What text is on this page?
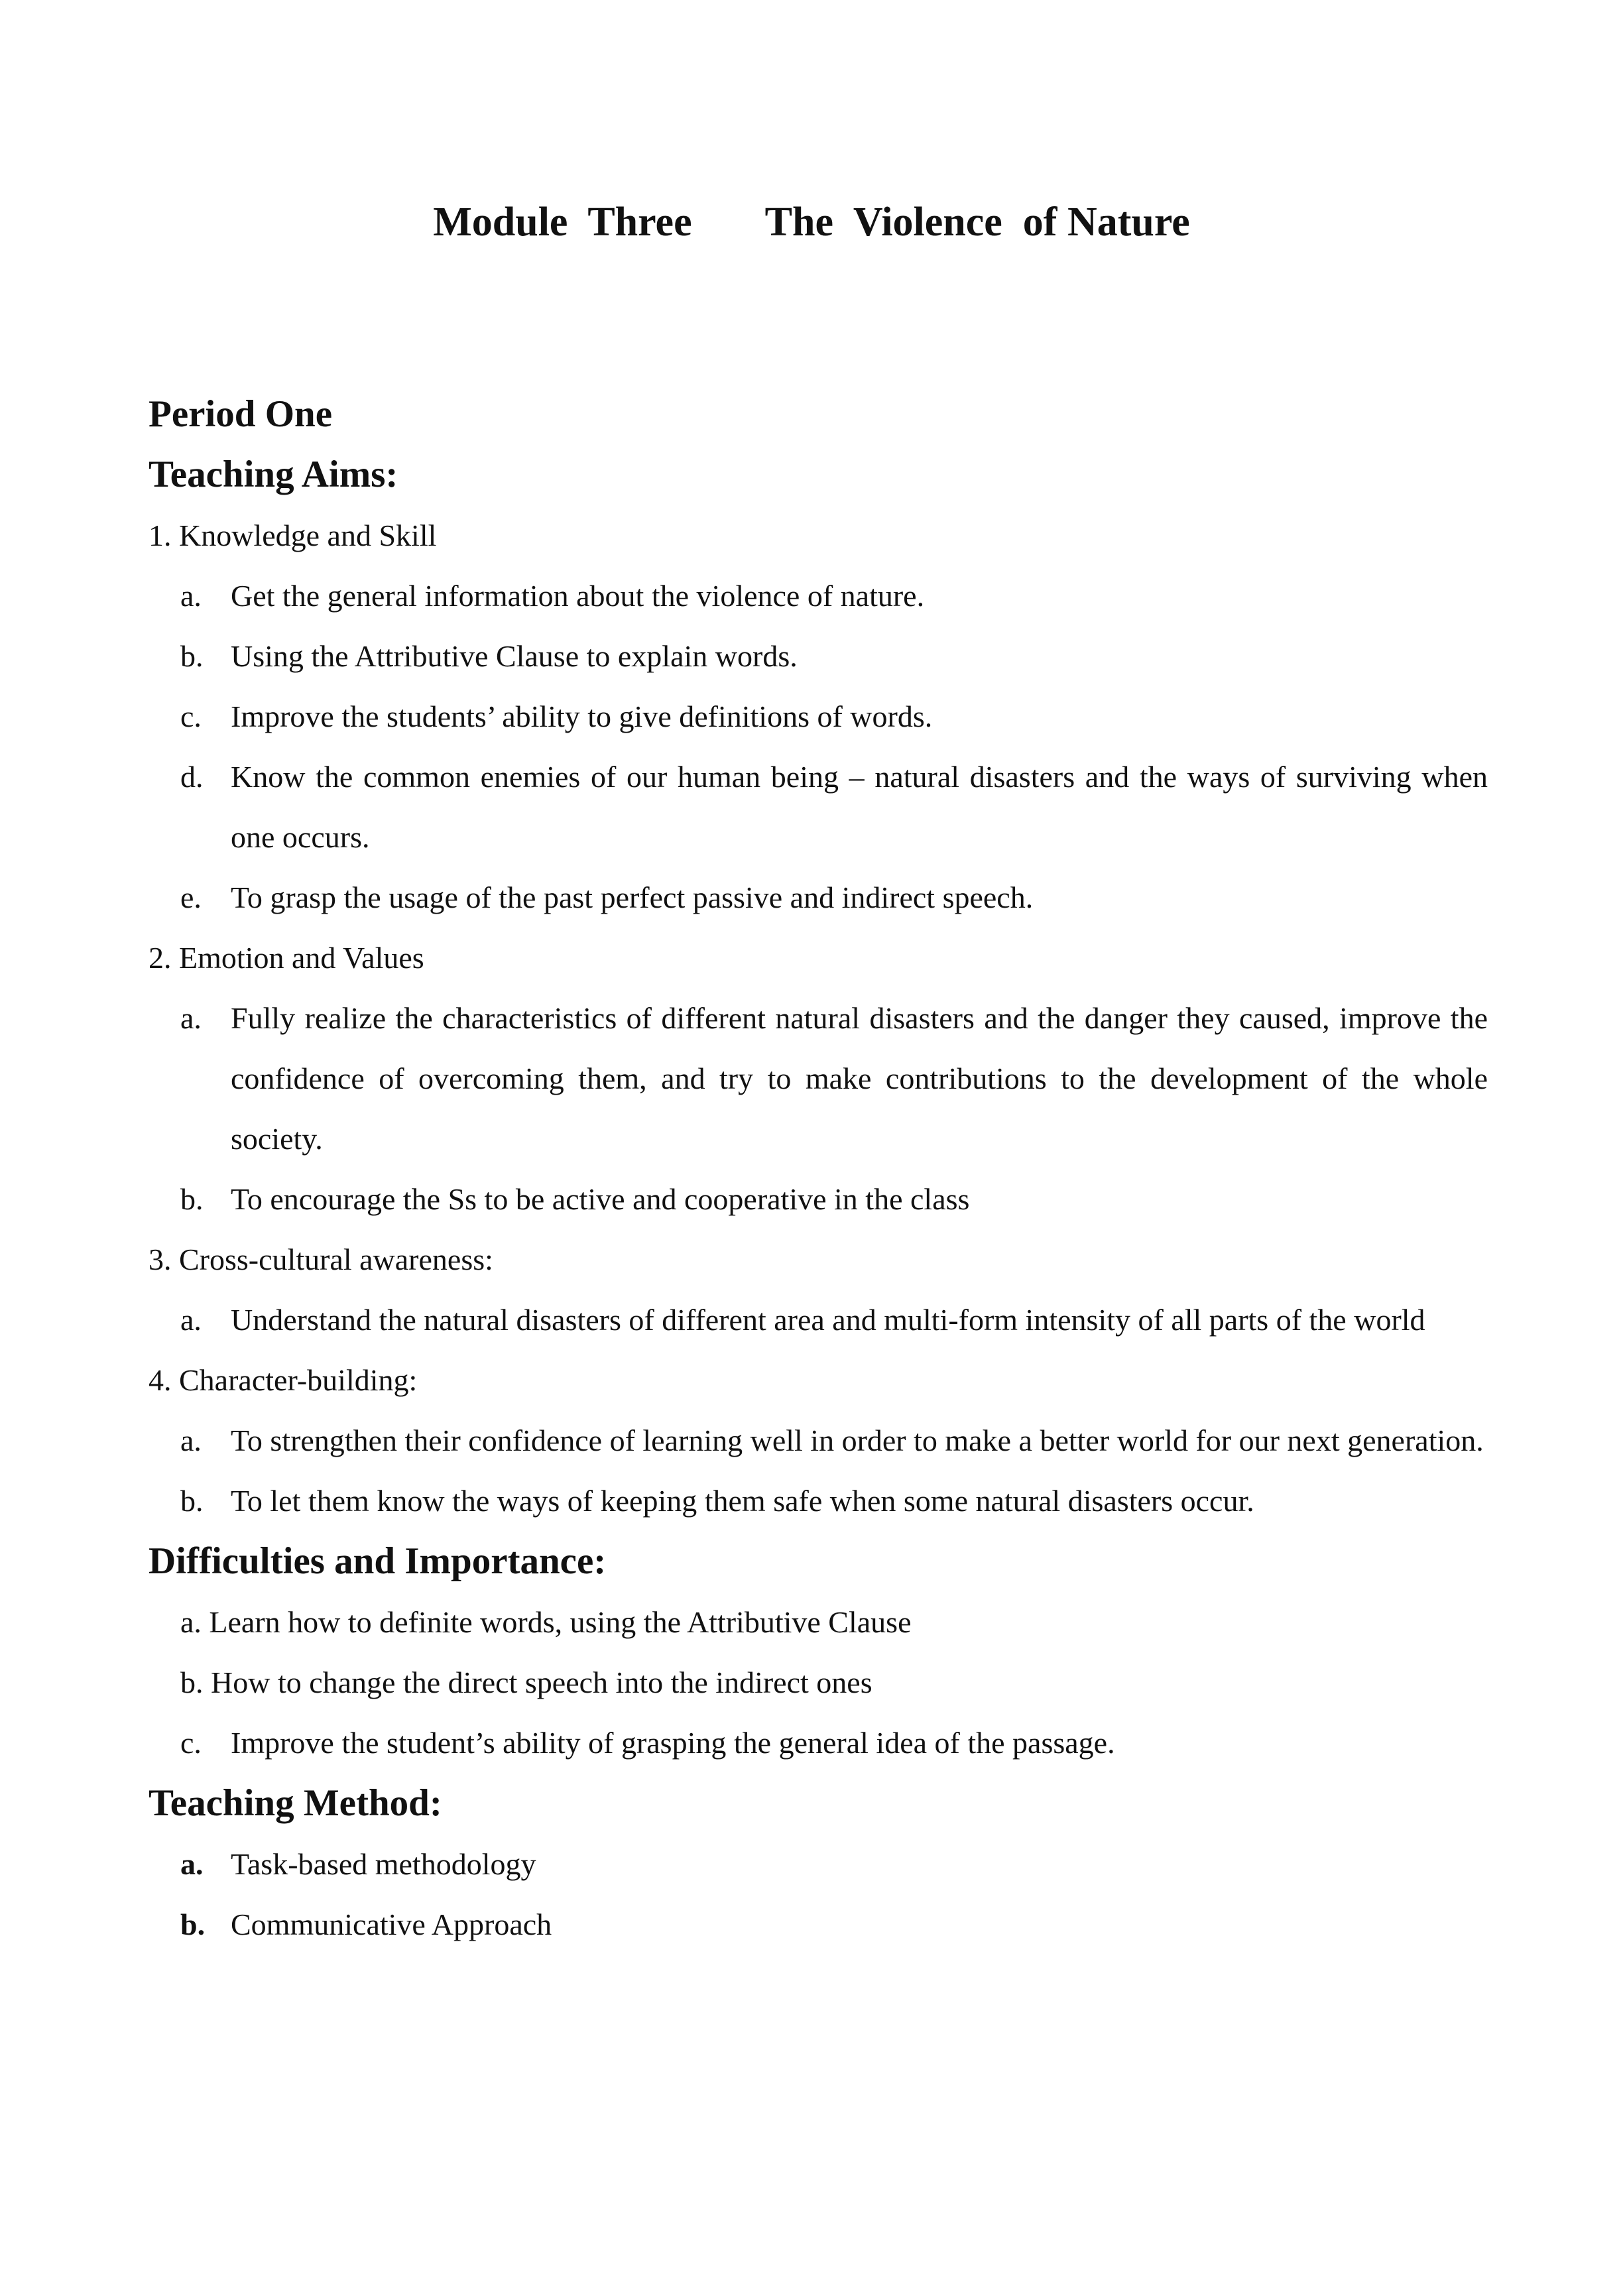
Module  Three The  Violence  of Nature
Period One
Teaching Aims:
1. Knowledge and Skill
a. Get the general information about the violence of nature.
b. Using the Attributive Clause to explain words.
c. Improve the students’ ability to give definitions of words.
d. Know the common enemies of our human being – natural disasters and the ways of surviving when one occurs.
e. To grasp the usage of the past perfect passive and indirect speech.
2. Emotion and Values
a. Fully realize the characteristics of different natural disasters and the danger they caused, improve the confidence of overcoming them, and try to make contributions to the development of the whole society.
b. To encourage the Ss to be active and cooperative in the class
3. Cross-cultural awareness:
a. Understand the natural disasters of different area and multi-form intensity of all parts of the world
4. Character-building:
a. To strengthen their confidence of learning well in order to make a better world for our next generation.
b. To let them know the ways of keeping them safe when some natural disasters occur.
Difficulties and Importance:
a. Learn how to definite words, using the Attributive Clause
b. How to change the direct speech into the indirect ones
c. Improve the student’s ability of grasping the general idea of the passage.
Teaching Method:
a. Task-based methodology
b. Communicative Approach
